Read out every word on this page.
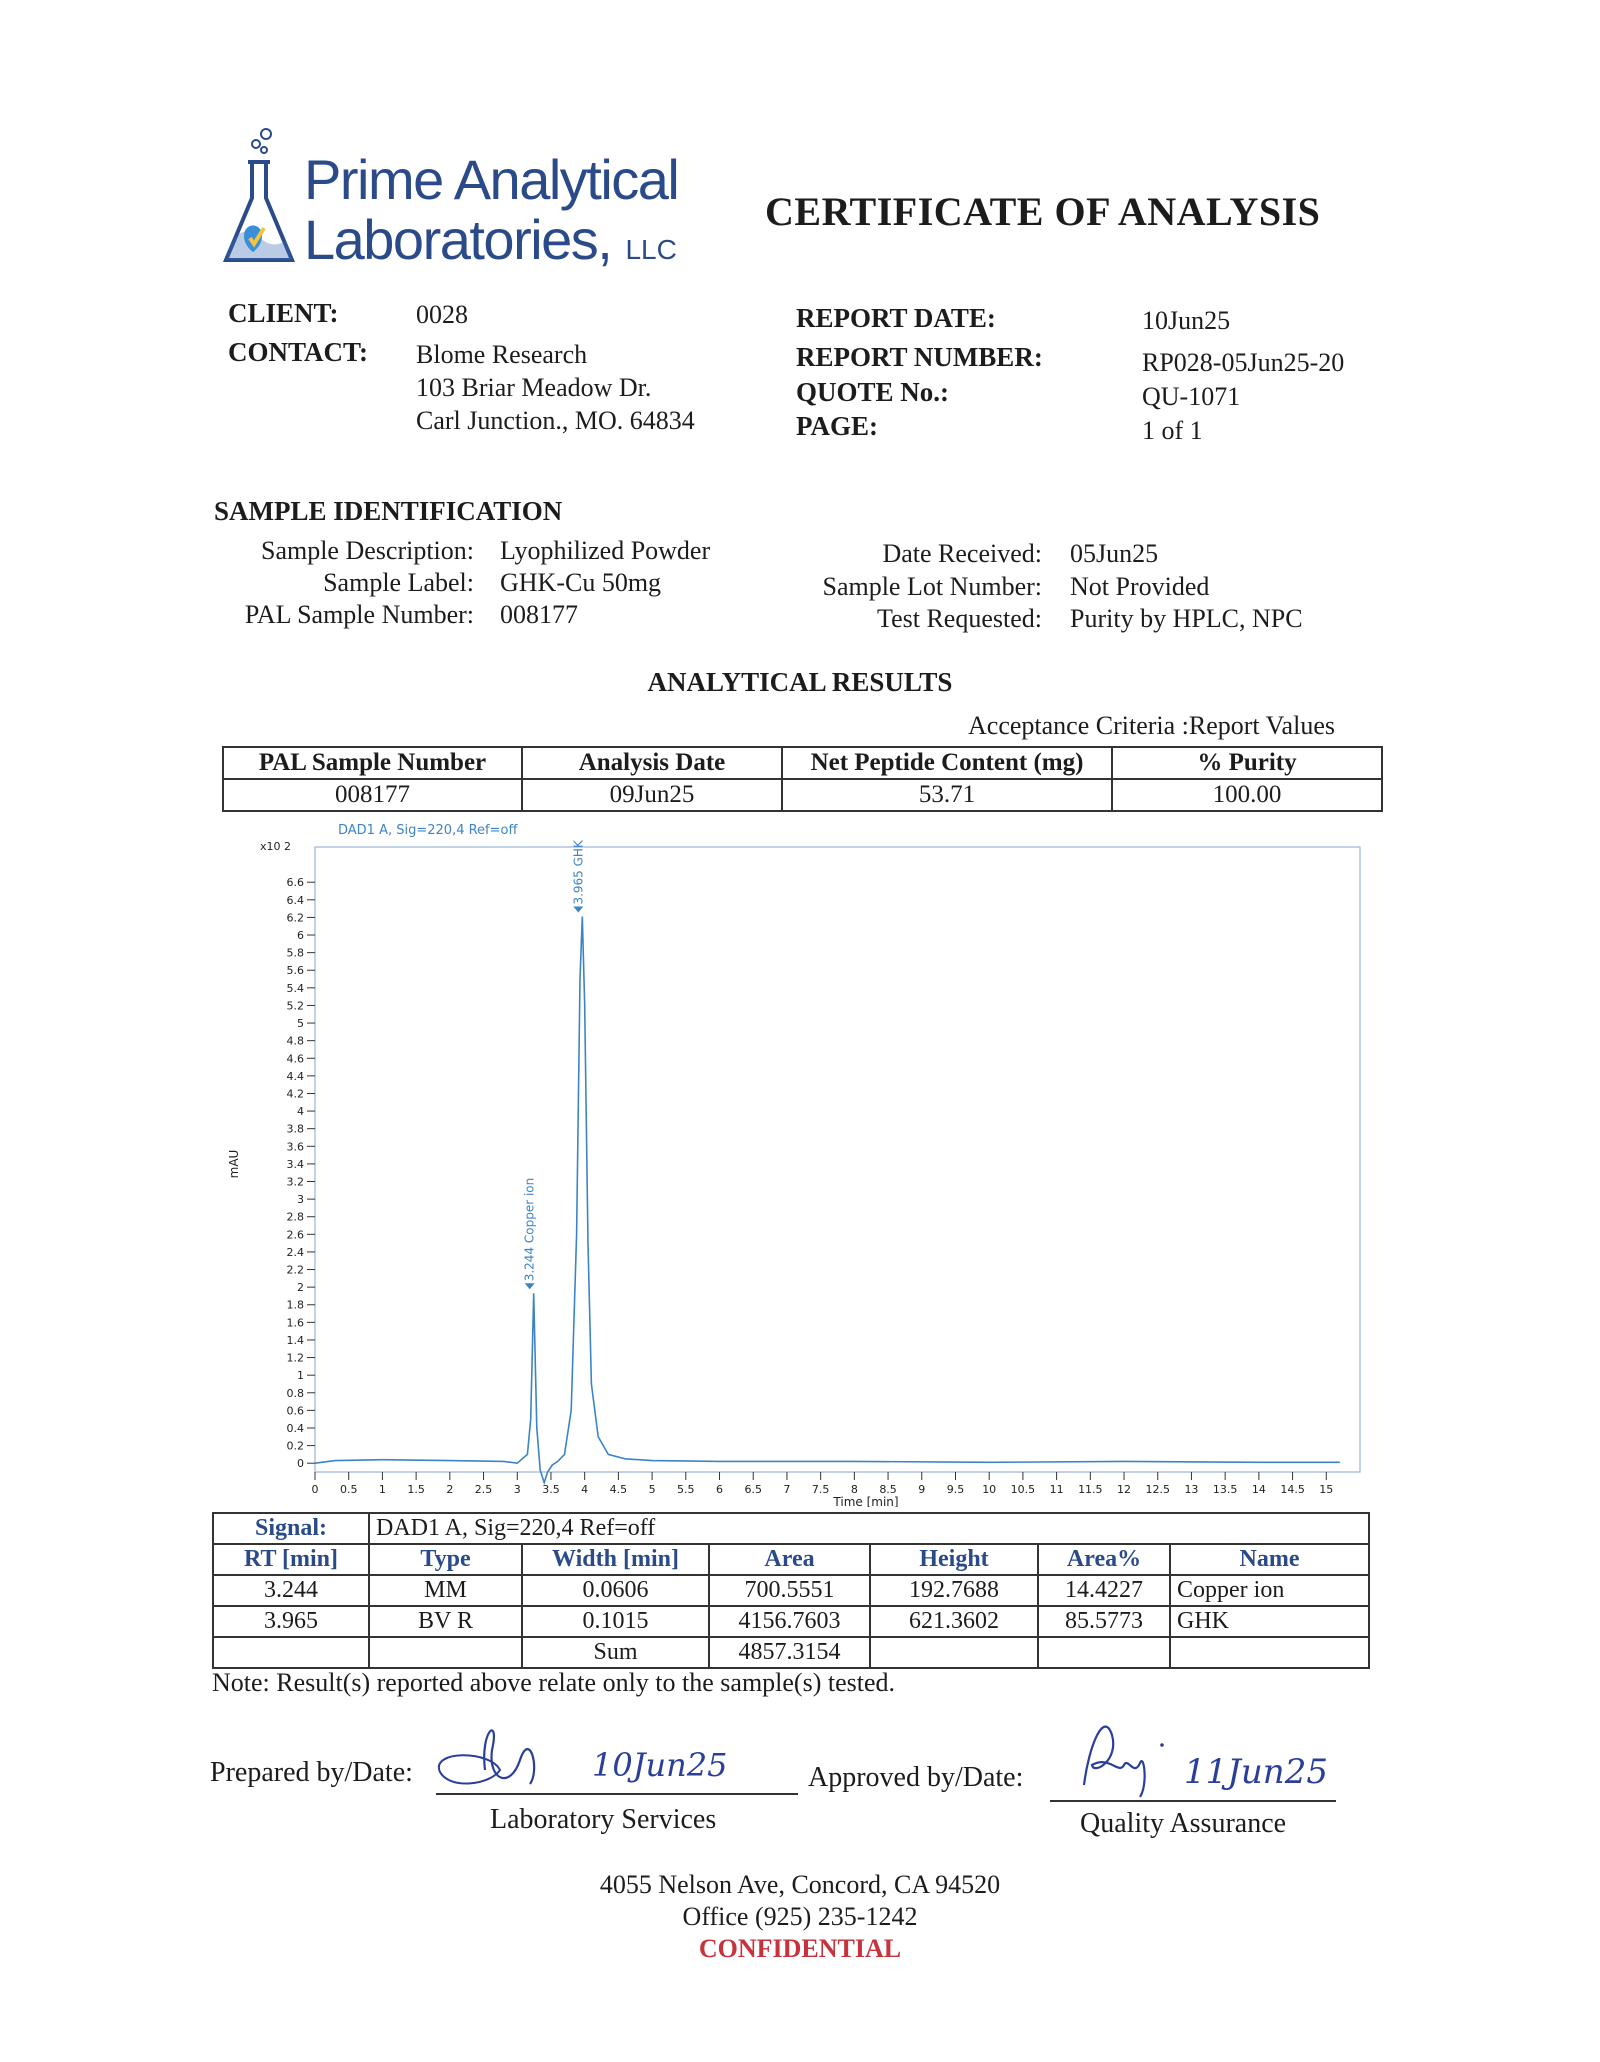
Prime Analytical
Laboratories, LLC
CERTIFICATE OF ANALYSIS
CLIENT:	0028
CONTACT: Blome Research
103 Briar Meadow Dr.
Carl Junction., MO. 64834
REPORT DATE:	10Jun25
REPORT NUMBER:	RP028-05Jun25-20
QUOTE No.:	QU-1071
PAGE:	1 of 1
SAMPLE IDENTIFICATION
Sample Description: Lyophilized Powder
Sample Label: GHK-Cu 50mg
PAL Sample Number: 008177
Date Received: 05Jun25
Sample Lot Number: Not Provided
Test Requested: Purity by HPLC, NPC
ANALYTICAL RESULTS
Acceptance Criteria :Report Values
PAL Sample Number	Analysis Date	Net Peptide Content (mg)	% Purity
008177	09Jun25	53.71	100.00
DAD1 A, Sig=220,4 Ref=off
x10 2
mAU
Time [min]
0
0.2
0.4
0.6
0.8
1
1.2
1.4
1.6
1.8
2
2.2
2.4
2.6
2.8
3
3.2
3.4
3.6
3.8
4
4.2
4.4
4.6
4.8
5
5.2
5.4
5.6
5.8
6
6.2
6.4
6.6
0 0.5 1 1.5 2 2.5 3 3.5 4 4.5 5 5.5 6 6.5 7 7.5 8 8.5 9 9.5 10 10.5 11 11.5 12 12.5 13 13.5 14 14.5 15
3.244 Copper ion
3.965 GHK
Signal:	DAD1 A, Sig=220,4 Ref=off					
RT [min]	Type	Width [min]	Area	Height	Area%	Name
3.244	MM	0.0606	700.5551	192.7688	14.4227	Copper ion
3.965	BV R	0.1015	4156.7603	621.3602	85.5773	GHK
		Sum	4857.3154			
Note: Result(s) reported above relate only to the sample(s) tested.
Prepared by/Date:	10Jun25
Laboratory Services
Approved by/Date:	11Jun25
Quality Assurance
4055 Nelson Ave, Concord, CA 94520
Office (925) 235-1242
CONFIDENTIAL
